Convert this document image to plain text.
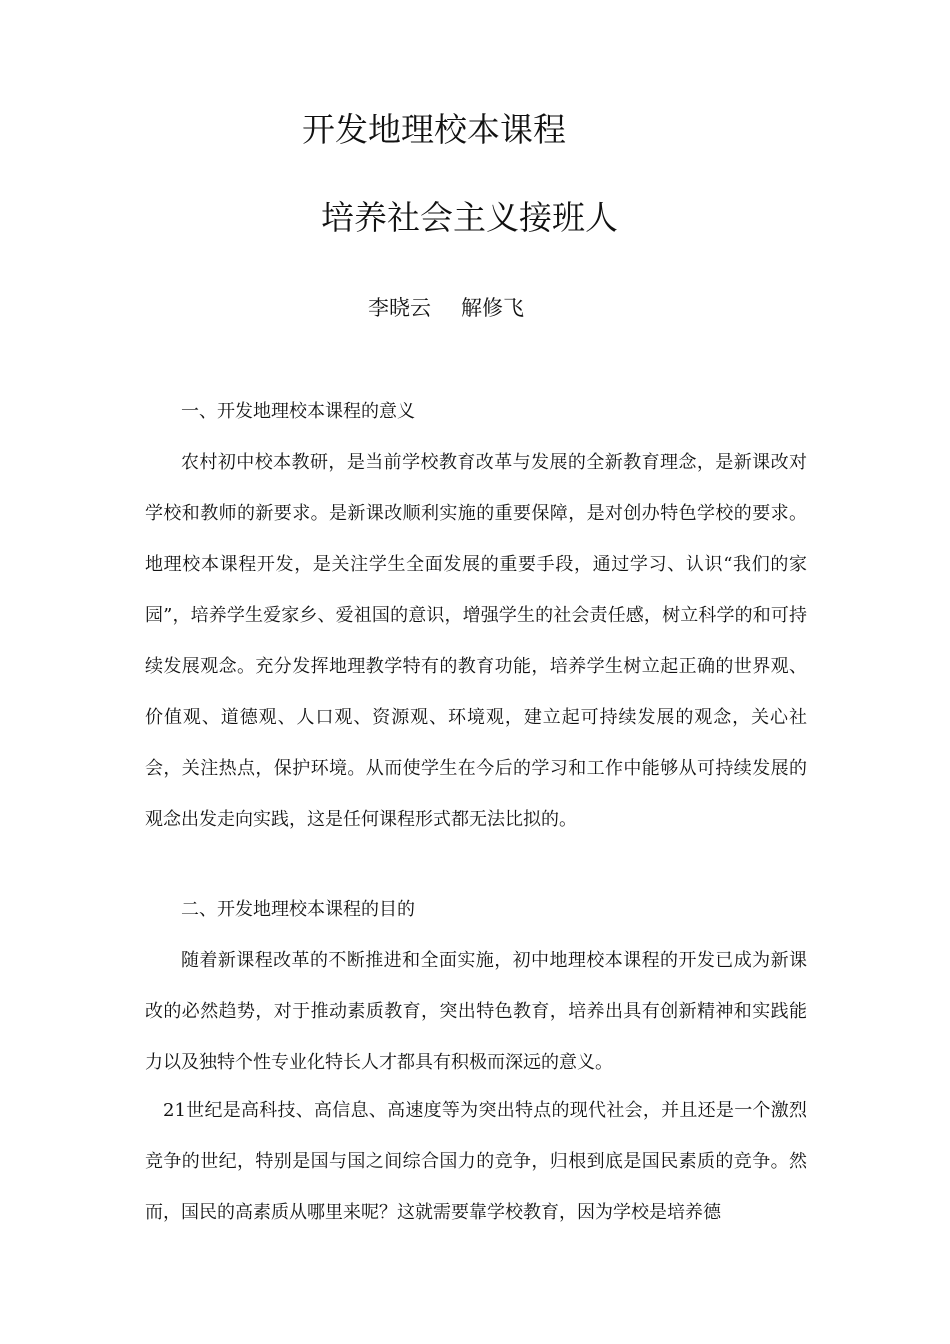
开发地理校本课程
培养社会主义接班人
李晓云 解修飞
一、开发地理校本课程的意义

农村初中校本教研，是当前学校教育改革与发展的全新教育理念，是新课改对学校和教师的新要求。是新课改顺利实施的重要保障，是对创办特色学校的要求。地理校本课程开发，是关注学生全面发展的重要手段，通过学习、认识“我们的家园”，培养学生爱家乡、爱祖国的意识，增强学生的社会责任感，树立科学的和可持续发展观念。充分发挥地理教学特有的教育功能，培养学生树立起正确的世界观、价值观、道德观、人口观、资源观、环境观，建立起可持续发展的观念，关心社会，关注热点，保护环境。从而使学生在今后的学习和工作中能够从可持续发展的观念出发走向实践，这是任何课程形式都无法比拟的。

二、开发地理校本课程的目的

随着新课程改革的不断推进和全面实施，初中地理校本课程的开发已成为新课改的必然趋势，对于推动素质教育，突出特色教育，培养出具有创新精神和实践能力以及独特个性专业化特长人才都具有积极而深远的意义。

21世纪是高科技、高信息、高速度等为突出特点的现代社会，并且还是一个激烈竞争的世纪，特别是国与国之间综合国力的竞争，归根到底是国民素质的竞争。然而，国民的高素质从哪里来呢？这就需要靠学校教育，因为学校是培养德
